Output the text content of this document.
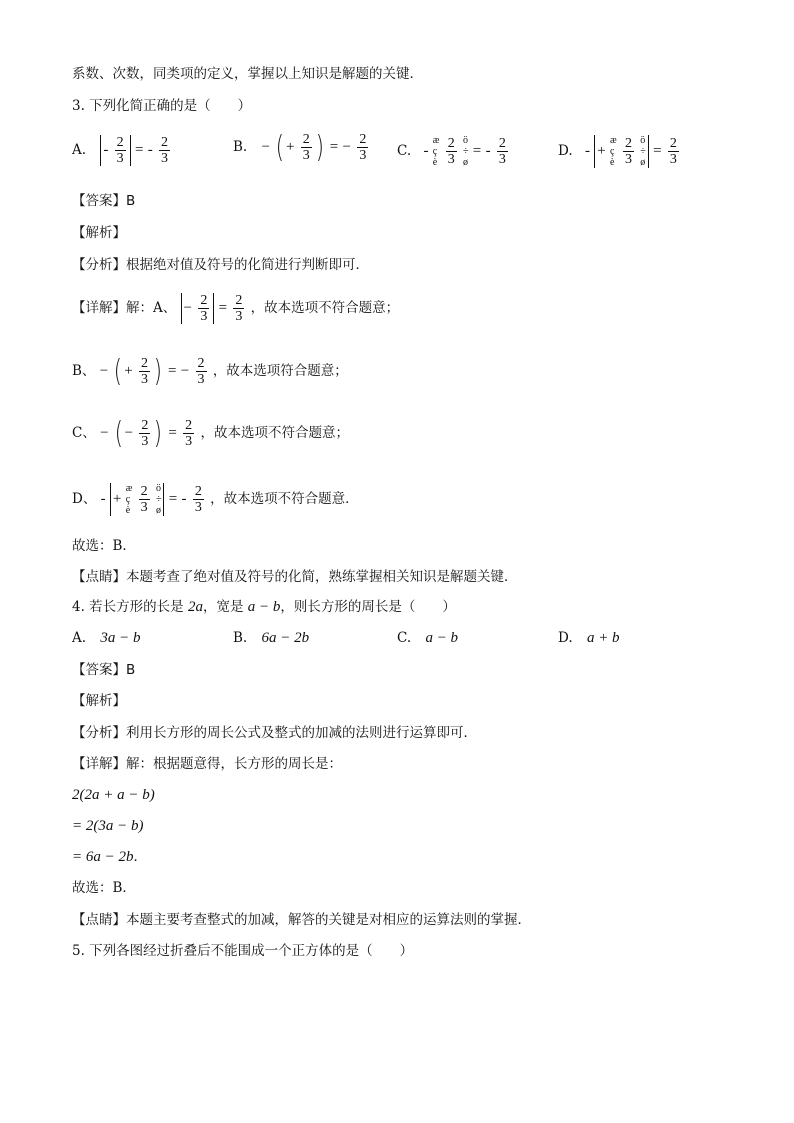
系数、次数，同类项的定义，掌握以上知识是解题的关键．
3. 下列化简正确的是（　　）
A. - $\frac{2}{3}$ = - $\frac{2}{3}$	B. − ( + $\frac{2}{3}$ ) = − $\frac{2}{3} C$. -
æ
ç
è
$\frac{2}{3}$
ö
÷
ø
= - $\frac{2}{3}$	D. - +
æ
ç
è
$\frac{2}{3}$
ö
÷
ø
= $\frac{2}{3}$
【答案】B
【解析】
【分析】根据绝对值及符号的化简进行判断即可．
【详解】解：A、 − $\frac{2}{3} = \frac{2}{3}$ ，故本选项不符合题意；
B、 − ( + $\frac{2}{3}$ ) = − $\frac{2}{3}$ ，故本选项符合题意；
C、 − ( − $\frac{2}{3}$ ) = $\frac{2}{3}$ ，故本选项不符合题意；
D、 - +
æ
ç
è
$\frac{2}{3}$
ö
÷
ø
= - $\frac{2}{3}$ ，故本选项不符合题意．
故选：B．
【点睛】本题考查了绝对值及符号的化简，熟练掌握相关知识是解题关键．
4. 若长方形的长是 2a，宽是 a − b，则长方形的周长是（　　）
A. 3a − b	B. 6a − 2b	C. a − b	D. a + b
【答案】B
【解析】
【分析】利用长方形的周长公式及整式的加减的法则进行运算即可．
【详解】解：根据题意得，长方形的周长是：
2(2a + a − b)
= 2(3a − b)
= 6a − 2b．
故选：B．
【点睛】本题主要考查整式的加减，解答的关键是对相应的运算法则的掌握．
5. 下列各图经过折叠后不能围成一个正方体的是（　　）
